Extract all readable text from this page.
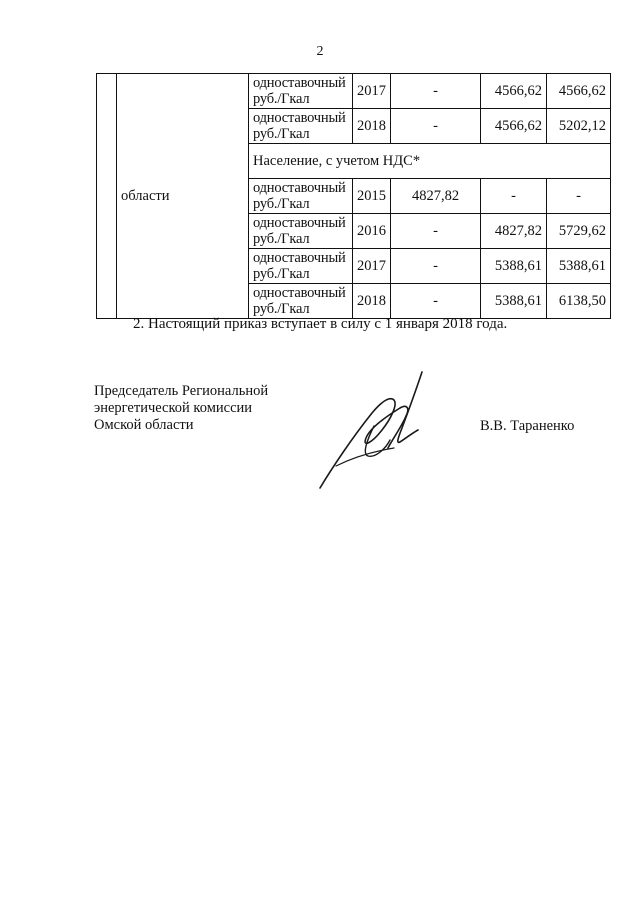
2
	области	одноставочный
руб./Гкал	2017	-	4566,62	4566,62

		одноставочный
руб./Гкал	2018	-	4566,62	5202,12
		Население, с учетом НДС*				

		одноставочный
руб./Гкал	2015	4827,82	-	-

		одноставочный
руб./Гкал	2016	-	4827,82	5729,62

		одноставочный
руб./Гкал	2017	-	5388,61	5388,61

		одноставочный
руб./Гкал	2018	-	5388,61	6138,50
2. Настоящий приказ вступает в силу с 1 января 2018 года.
Председатель Региональной
энергетической комиссии
Омской области	В.В. Тараненко
